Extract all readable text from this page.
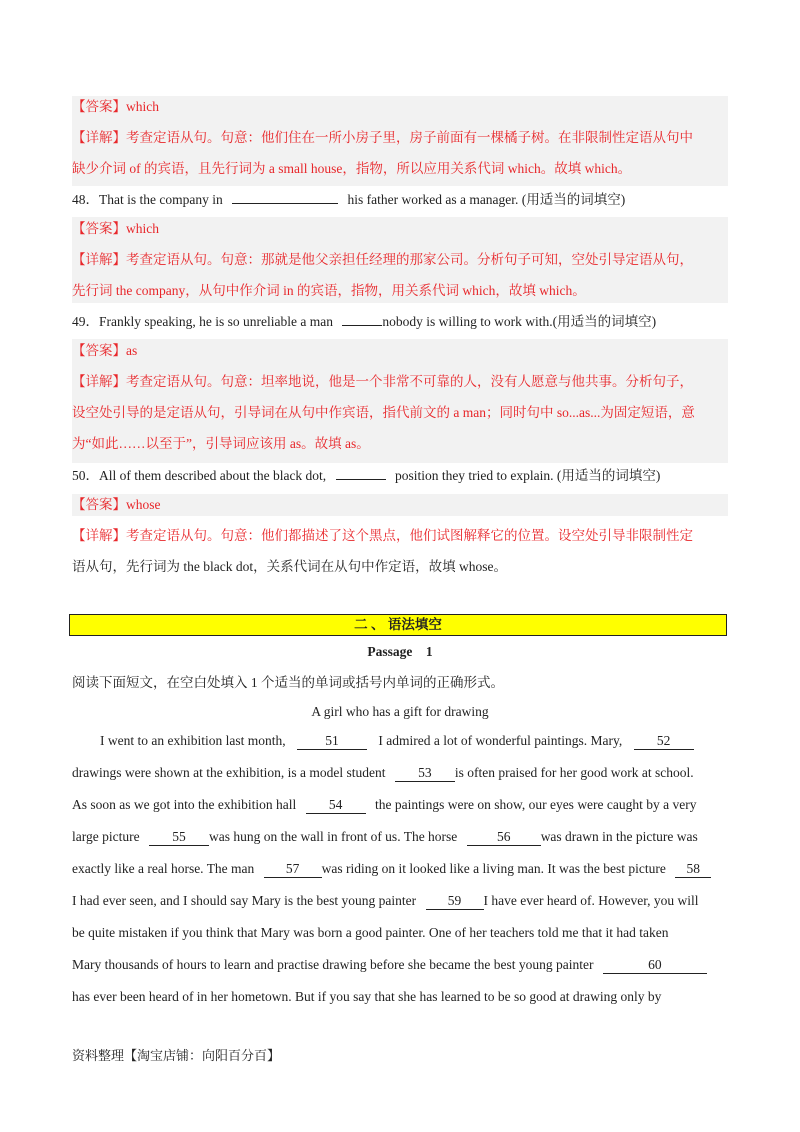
【答案】which
【详解】考查定语从句。句意：他们住在一所小房子里，房子前面有一棵橘子树。在非限制性定语从句中
缺少介词 of 的宾语，且先行词为 a small house，指物，所以应用关系代词 which。故填 which。
48．That is the company in	his father worked as a manager. (用适当的词填空)
【答案】which
【详解】考查定语从句。句意：那就是他父亲担任经理的那家公司。分析句子可知，空处引导定语从句，
先行词 the company，从句中作介词 in 的宾语，指物，用关系代词 which，故填 which。
49．Frankly speaking, he is so unreliable a man	nobody is willing to work with.(用适当的词填空)
【答案】as
【详解】考查定语从句。句意：坦率地说，他是一个非常不可靠的人，没有人愿意与他共事。分析句子，
设空处引导的是定语从句，引导词在从句中作宾语，指代前文的 a man；同时句中 so...as...为固定短语，意
为“如此……以至于”，引导词应该用 as。故填 as。
50．All of them described about the black dot,	position they tried to explain. (用适当的词填空)
【答案】whose
【详解】考查定语从句。句意：他们都描述了这个黑点，他们试图解释它的位置。设空处引导非限制性定
语从句，先行词为 the black dot，关系代词在从句中作定语，故填 whose。
二 、 语法填空
Passage　1
阅读下面短文，在空白处填入 1 个适当的单词或括号内单词的正确形式。
A girl who has a gift for drawing
I went to an exhibition last month,	51	I admired a lot of wonderful paintings. Mary,	52
drawings were shown at the exhibition, is a model student 53 is often praised for her good work at school.
As soon as we got into the exhibition hall 54 the paintings were on show, our eyes were caught by a very
large picture 55 was hung on the wall in front of us. The horse	56 was drawn in the picture was
exactly like a real horse. The man 57 was riding on it looked like a living man. It was the best picture 58
I had ever seen, and I should say Mary is the best young painter 59 I have ever heard of. However, you will
be quite mistaken if you think that Mary was born a good painter. One of her teachers told me that it had taken
Mary thousands of hours to learn and practise drawing before she became the best young painter	60
has ever been heard of in her hometown. But if you say that she has learned to be so good at drawing only by
资料整理【淘宝店铺：向阳百分百】
